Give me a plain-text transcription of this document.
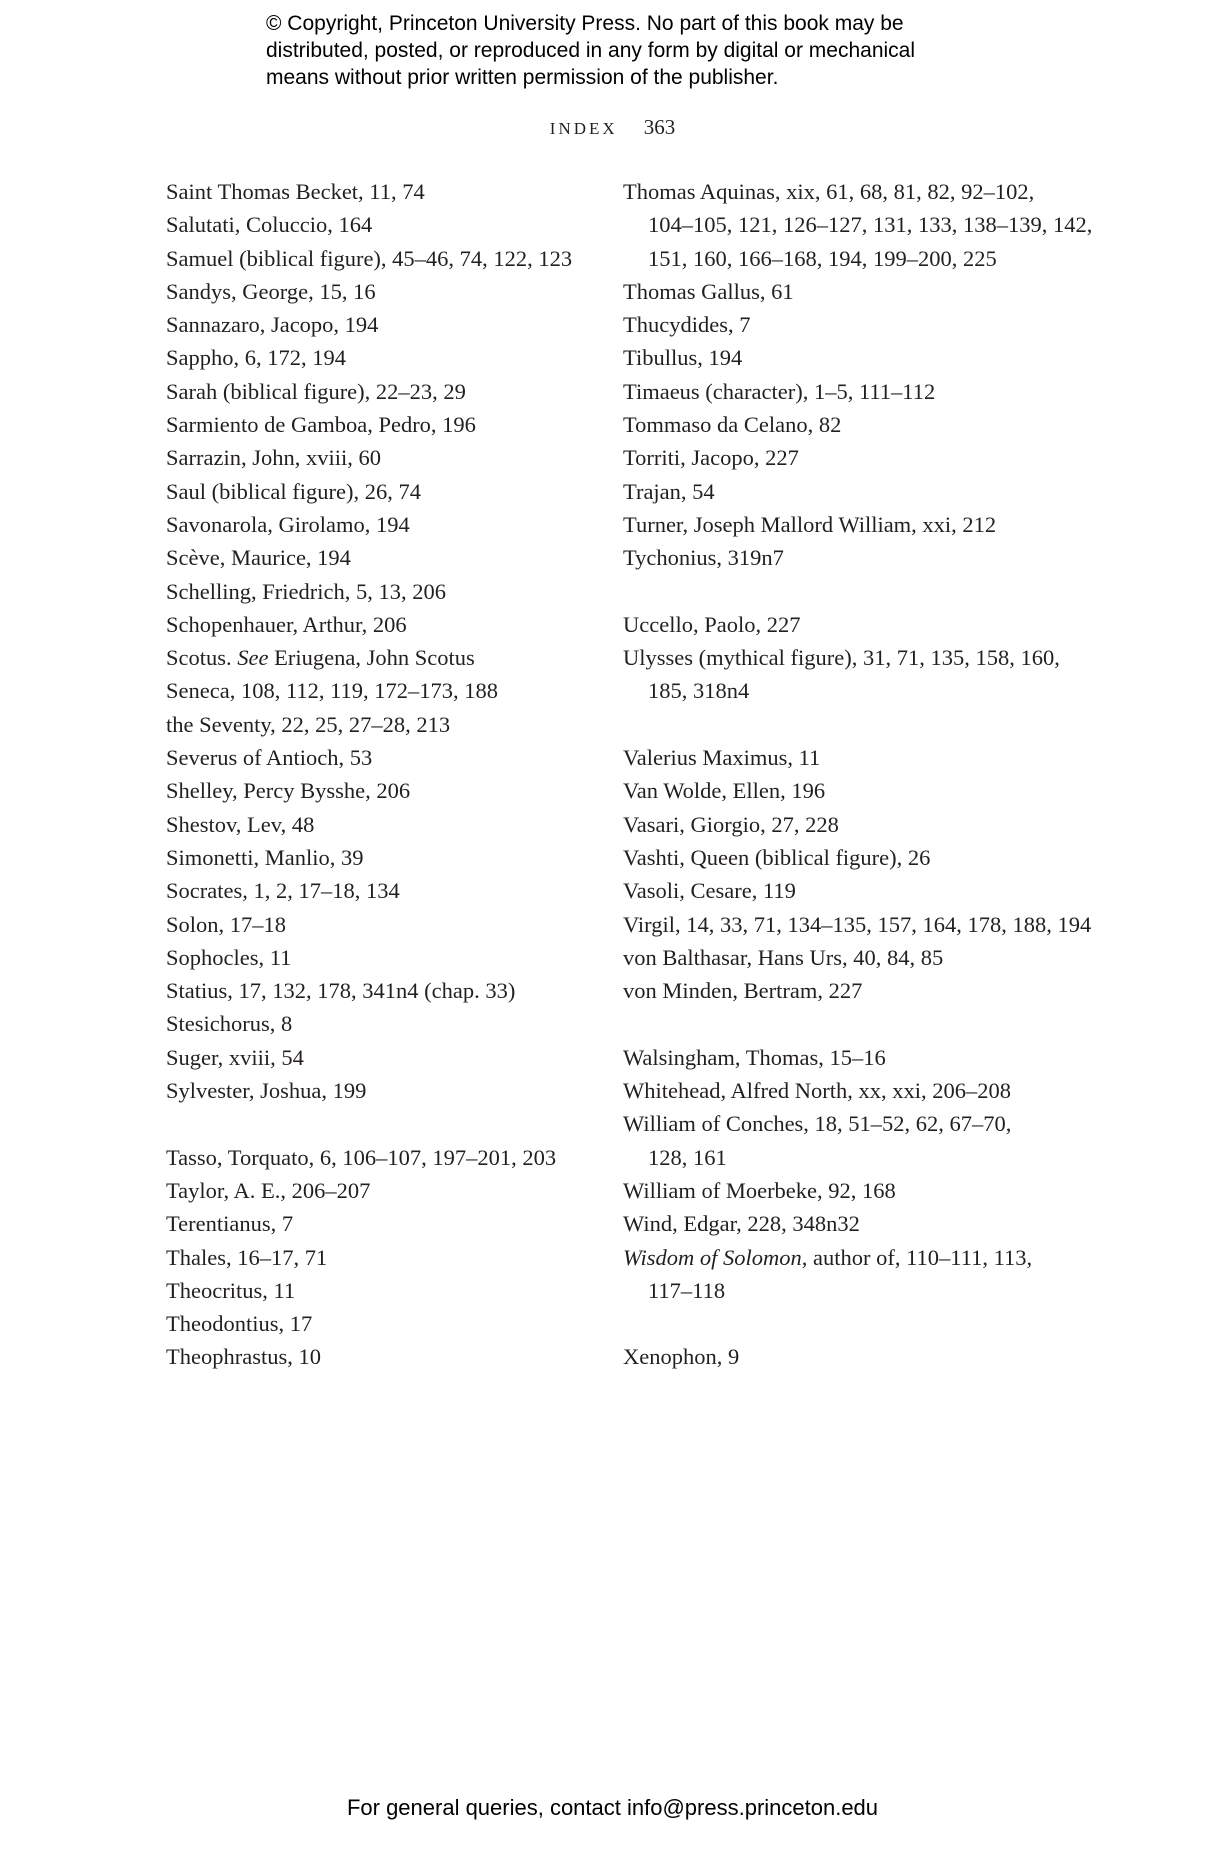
© Copyright, Princeton University Press. No part of this book may be
distributed, posted, or reproduced in any form by digital or mechanical
means without prior written permission of the publisher.
INDEX 363
Saint Thomas Becket, 11, 74
Salutati, Coluccio, 164
Samuel (biblical figure), 45–46, 74, 122, 123
Sandys, George, 15, 16
Sannazaro, Jacopo, 194
Sappho, 6, 172, 194
Sarah (biblical figure), 22–23, 29
Sarmiento de Gamboa, Pedro, 196
Sarrazin, John, xviii, 60
Saul (biblical figure), 26, 74
Savonarola, Girolamo, 194
Scève, Maurice, 194
Schelling, Friedrich, 5, 13, 206
Schopenhauer, Arthur, 206
Scotus. See Eriugena, John Scotus
Seneca, 108, 112, 119, 172–173, 188
the Seventy, 22, 25, 27–28, 213
Severus of Antioch, 53
Shelley, Percy Bysshe, 206
Shestov, Lev, 48
Simonetti, Manlio, 39
Socrates, 1, 2, 17–18, 134
Solon, 17–18
Sophocles, 11
Statius, 17, 132, 178, 341n4 (chap. 33)
Stesichorus, 8
Suger, xviii, 54
Sylvester, Joshua, 199
Tasso, Torquato, 6, 106–107, 197–201, 203
Taylor, A. E., 206–207
Terentianus, 7
Thales, 16–17, 71
Theocritus, 11
Theodontius, 17
Theophrastus, 10
Thomas Aquinas, xix, 61, 68, 81, 82, 92–102,
104–105, 121, 126–127, 131, 133, 138–139, 142,
151, 160, 166–168, 194, 199–200, 225
Thomas Gallus, 61
Thucydides, 7
Tibullus, 194
Timaeus (character), 1–5, 111–112
Tommaso da Celano, 82
Torriti, Jacopo, 227
Trajan, 54
Turner, Joseph Mallord William, xxi, 212
Tychonius, 319n7
Uccello, Paolo, 227
Ulysses (mythical figure), 31, 71, 135, 158, 160,
185, 318n4
Valerius Maximus, 11
Van Wolde, Ellen, 196
Vasari, Giorgio, 27, 228
Vashti, Queen (biblical figure), 26
Vasoli, Cesare, 119
Virgil, 14, 33, 71, 134–135, 157, 164, 178, 188, 194
von Balthasar, Hans Urs, 40, 84, 85
von Minden, Bertram, 227
Walsingham, Thomas, 15–16
Whitehead, Alfred North, xx, xxi, 206–208
William of Conches, 18, 51–52, 62, 67–70,
128, 161
William of Moerbeke, 92, 168
Wind, Edgar, 228, 348n32
Wisdom of Solomon, author of, 110–111, 113,
117–118
Xenophon, 9
For general queries, contact info@press.princeton.edu
